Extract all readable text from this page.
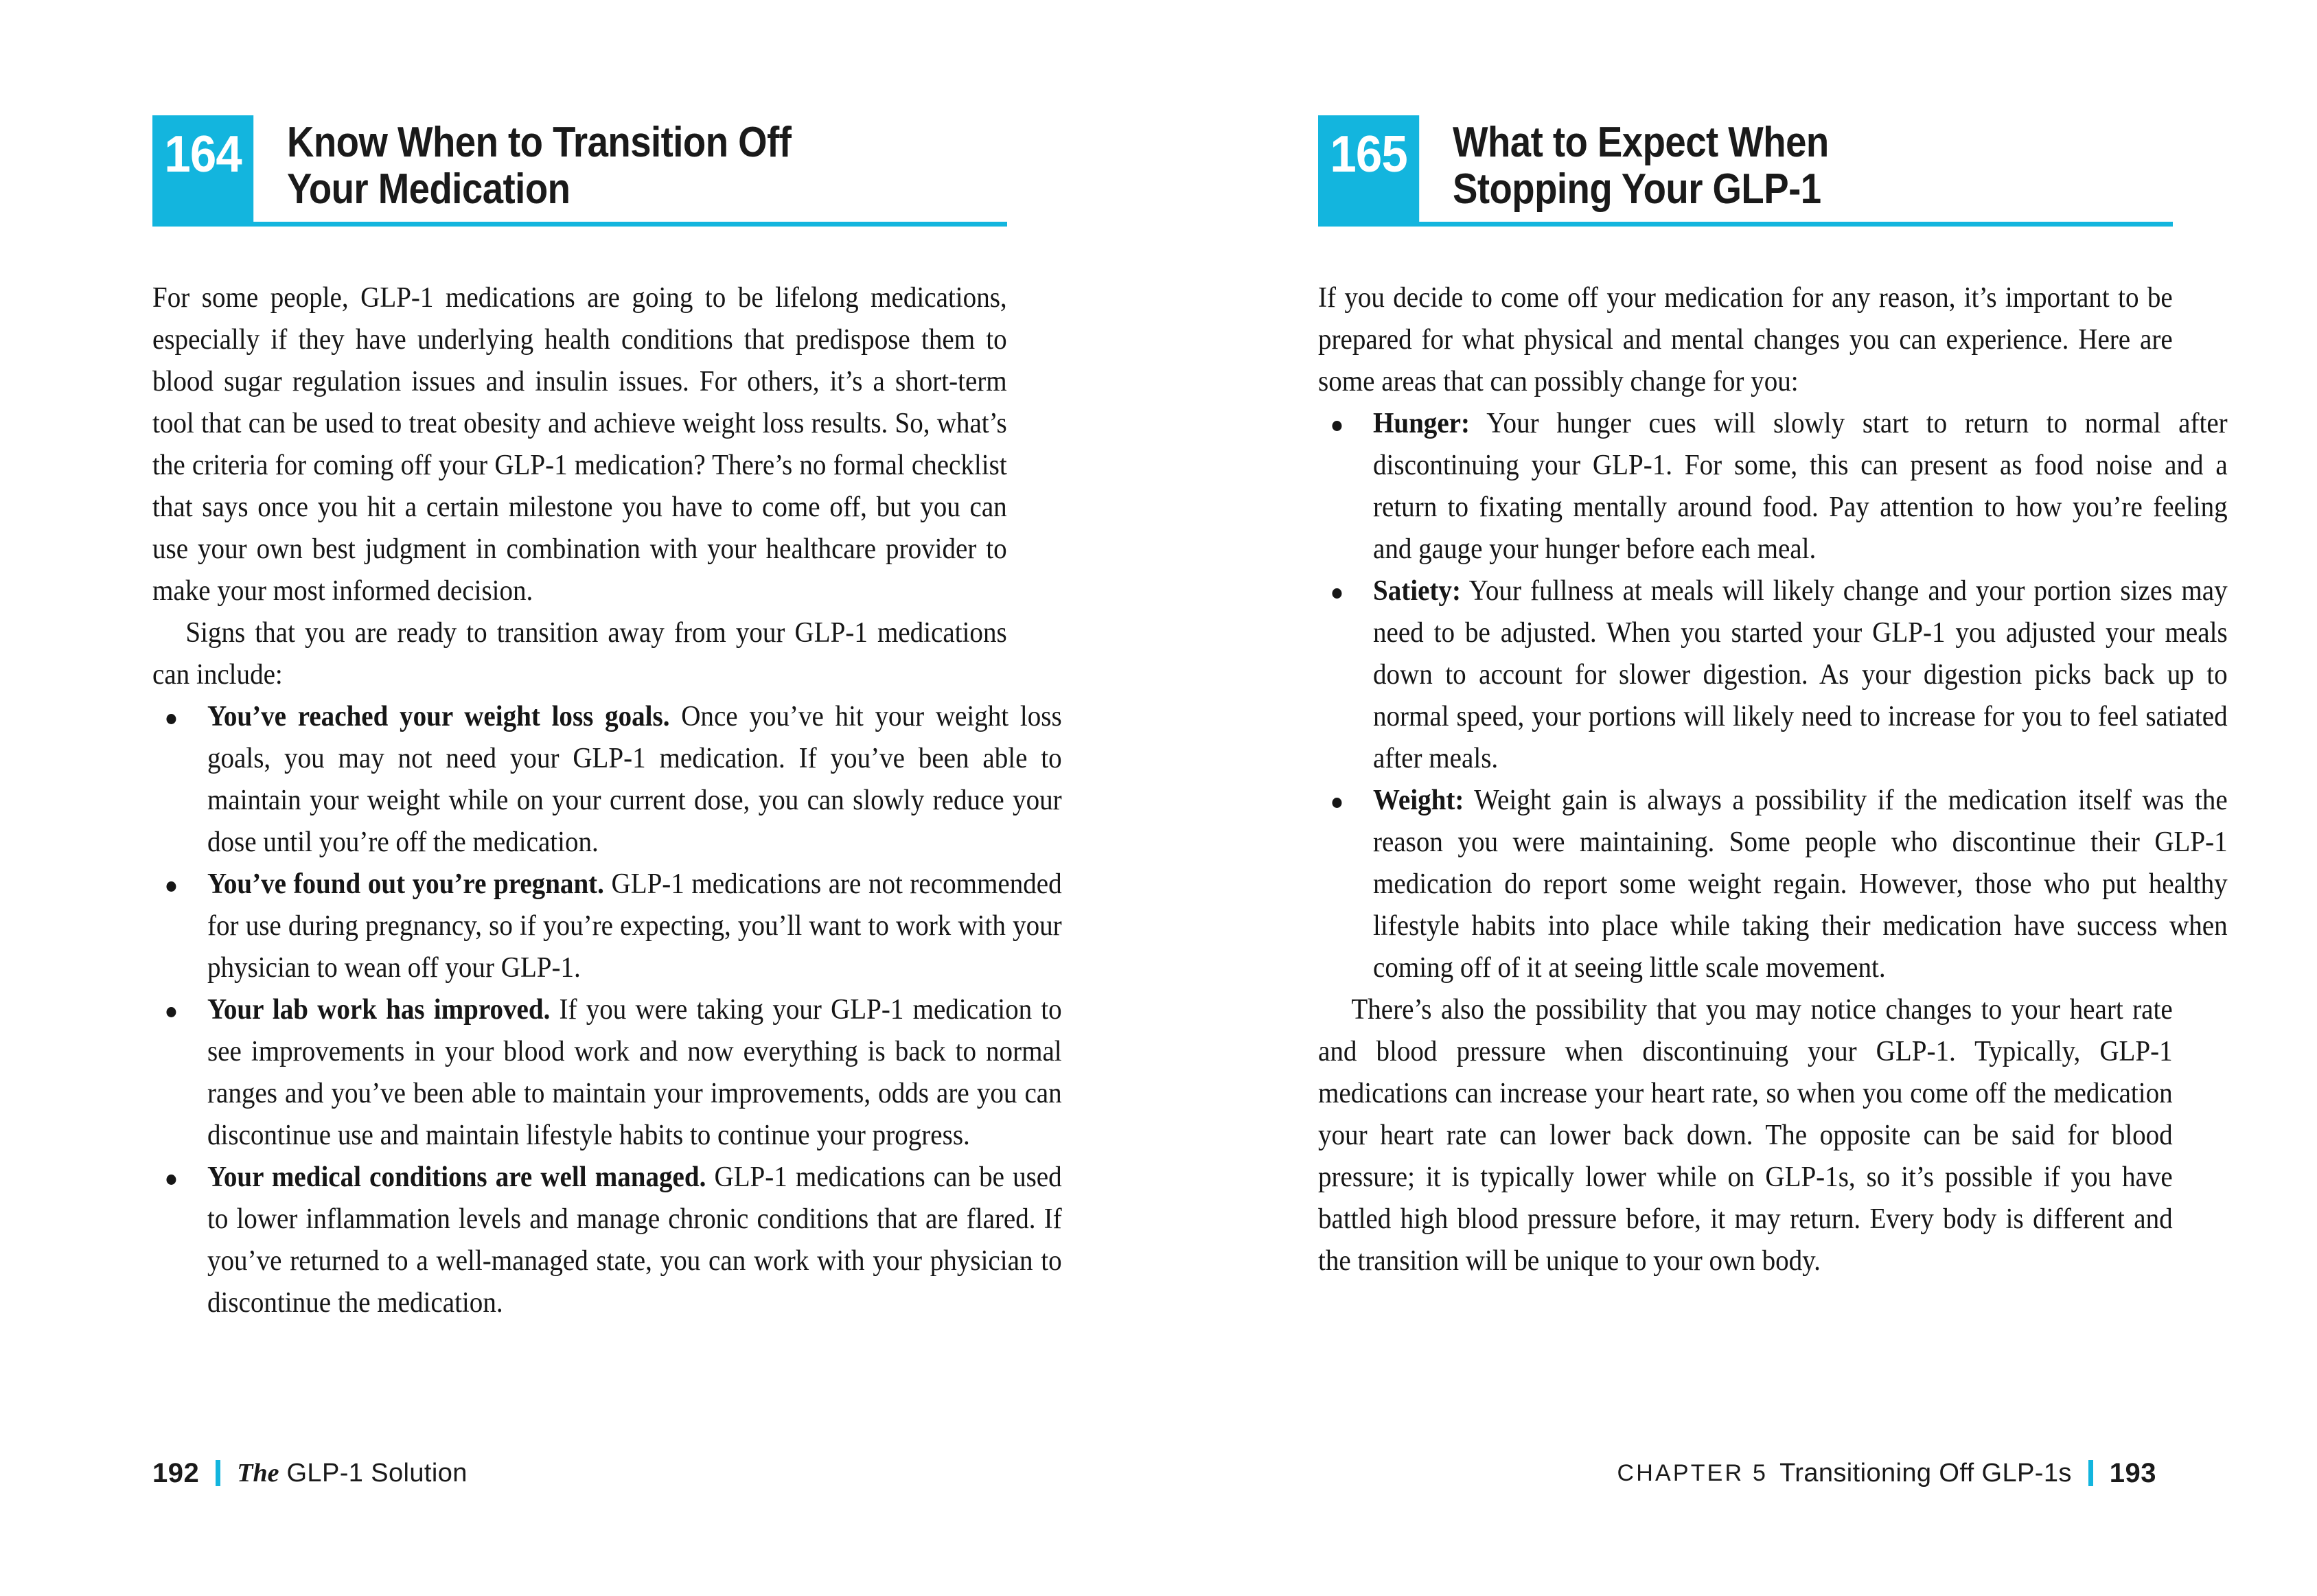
164 Know When to Transition Off
Your Medication

For some people, GLP-1 medications are going to be lifelong medications, especially if they have underlying health conditions that predispose them to blood sugar regulation issues and insulin issues. For others, it’s a short-term tool that can be used to treat obesity and achieve weight loss results. So, what’s the criteria for coming off your GLP-1 medication? There’s no formal checklist that says once you hit a certain milestone you have to come off, but you can use your own best judgment in combination with your healthcare provider to make your most informed decision.

Signs that you are ready to transition away from your GLP-1 medications can include:

You’ve reached your weight loss goals. Once you’ve hit your weight loss goals, you may not need your GLP-1 medication. If you’ve been able to maintain your weight while on your current dose, you can slowly reduce your dose until you’re off the medication.
You’ve found out you’re pregnant. GLP-1 medications are not recommended for use during pregnancy, so if you’re expecting, you’ll want to work with your physician to wean off your GLP-1.
Your lab work has improved. If you were taking your GLP-1 medication to see improvements in your blood work and now everything is back to normal ranges and you’ve been able to maintain your improvements, odds are you can discontinue use and maintain lifestyle habits to continue your progress.
Your medical conditions are well managed. GLP-1 medications can be used to lower inflammation levels and manage chronic conditions that are flared. If you’ve returned to a well-managed state, you can work with your physician to discontinue the medication.
192 The GLP-1 Solution
165 What to Expect When
Stopping Your GLP-1

If you decide to come off your medication for any reason, it’s important to be prepared for what physical and mental changes you can experience. Here are some areas that can possibly change for you:

Hunger: Your hunger cues will slowly start to return to normal after discontinuing your GLP-1. For some, this can present as food noise and a return to fixating mentally around food. Pay attention to how you’re feeling and gauge your hunger before each meal.
Satiety: Your fullness at meals will likely change and your portion sizes may need to be adjusted. When you started your GLP-1 you adjusted your meals down to account for slower digestion. As your digestion picks back up to normal speed, your portions will likely need to increase for you to feel satiated after meals.
Weight: Weight gain is always a possibility if the medication itself was the reason you were maintaining. Some people who discontinue their GLP-1 medication do report some weight regain. However, those who put healthy lifestyle habits into place while taking their medication have success when coming off of it at seeing little scale movement.

There’s also the possibility that you may notice changes to your heart rate and blood pressure when discontinuing your GLP-1. Typically, GLP-1 medications can increase your heart rate, so when you come off the medication your heart rate can lower back down. The opposite can be said for blood pressure; it is typically lower while on GLP-1s, so it’s possible if you have battled high blood pressure before, it may return. Every body is different and the transition will be unique to your own body.

CHAPTER 5 Transitioning Off GLP-1s 193
